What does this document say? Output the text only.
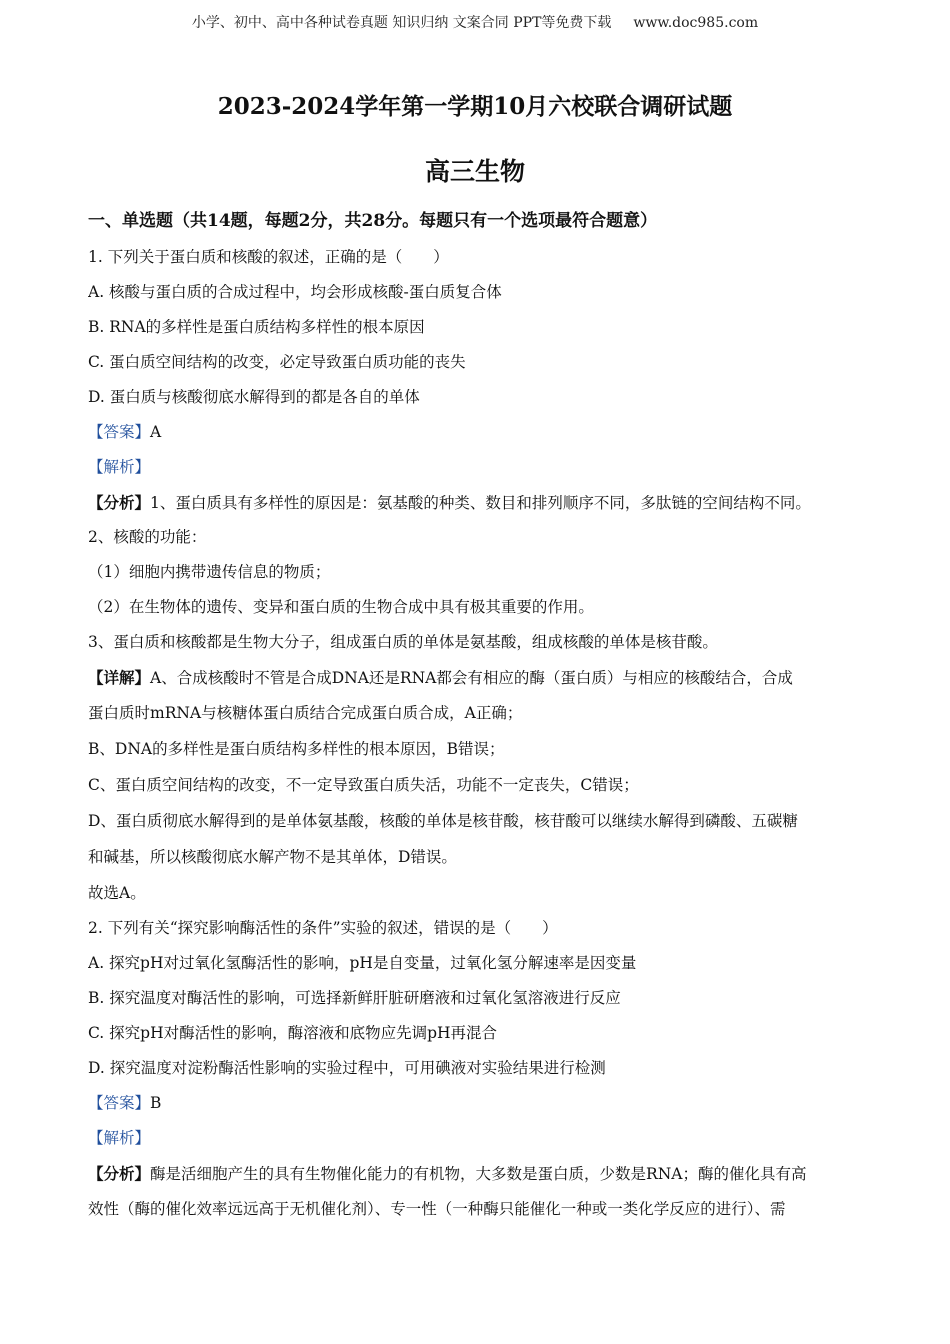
小学、初中、高中各种试卷真题 知识归纳 文案合同 PPT等免费下载 www.doc985.com
2023-2024学年第一学期10月六校联合调研试题
高三生物
一、单选题（共14题，每题2分，共28分。每题只有一个选项最符合题意）
1. 下列关于蛋白质和核酸的叙述，正确的是（　　）
A. 核酸与蛋白质的合成过程中，均会形成核酸-蛋白质复合体
B. RNA的多样性是蛋白质结构多样性的根本原因
C. 蛋白质空间结构的改变，必定导致蛋白质功能的丧失
D. 蛋白质与核酸彻底水解得到的都是各自的单体
【答案】A
【解析】
【分析】1、蛋白质具有多样性的原因是：氨基酸的种类、数目和排列顺序不同，多肽链的空间结构不同。
2、核酸的功能：
（1）细胞内携带遗传信息的物质；
（2）在生物体的遗传、变异和蛋白质的生物合成中具有极其重要的作用。
3、蛋白质和核酸都是生物大分子，组成蛋白质的单体是氨基酸，组成核酸的单体是核苷酸。
【详解】A、合成核酸时不管是合成DNA还是RNA都会有相应的酶（蛋白质）与相应的核酸结合，合成
蛋白质时mRNA与核糖体蛋白质结合完成蛋白质合成，A正确；
B、DNA的多样性是蛋白质结构多样性的根本原因，B错误；
C、蛋白质空间结构的改变，不一定导致蛋白质失活，功能不一定丧失，C错误；
D、蛋白质彻底水解得到的是单体氨基酸，核酸的单体是核苷酸，核苷酸可以继续水解得到磷酸、五碳糖
和碱基，所以核酸彻底水解产物不是其单体，D错误。
故选A。
2. 下列有关“探究影响酶活性的条件”实验的叙述，错误的是（　　）
A. 探究pH对过氧化氢酶活性的影响，pH是自变量，过氧化氢分解速率是因变量
B. 探究温度对酶活性的影响，可选择新鲜肝脏研磨液和过氧化氢溶液进行反应
C. 探究pH对酶活性的影响，酶溶液和底物应先调pH再混合
D. 探究温度对淀粉酶活性影响的实验过程中，可用碘液对实验结果进行检测
【答案】B
【解析】
【分析】酶是活细胞产生的具有生物催化能力的有机物，大多数是蛋白质，少数是RNA；酶的催化具有高
效性（酶的催化效率远远高于无机催化剂）、专一性（一种酶只能催化一种或一类化学反应的进行）、需
